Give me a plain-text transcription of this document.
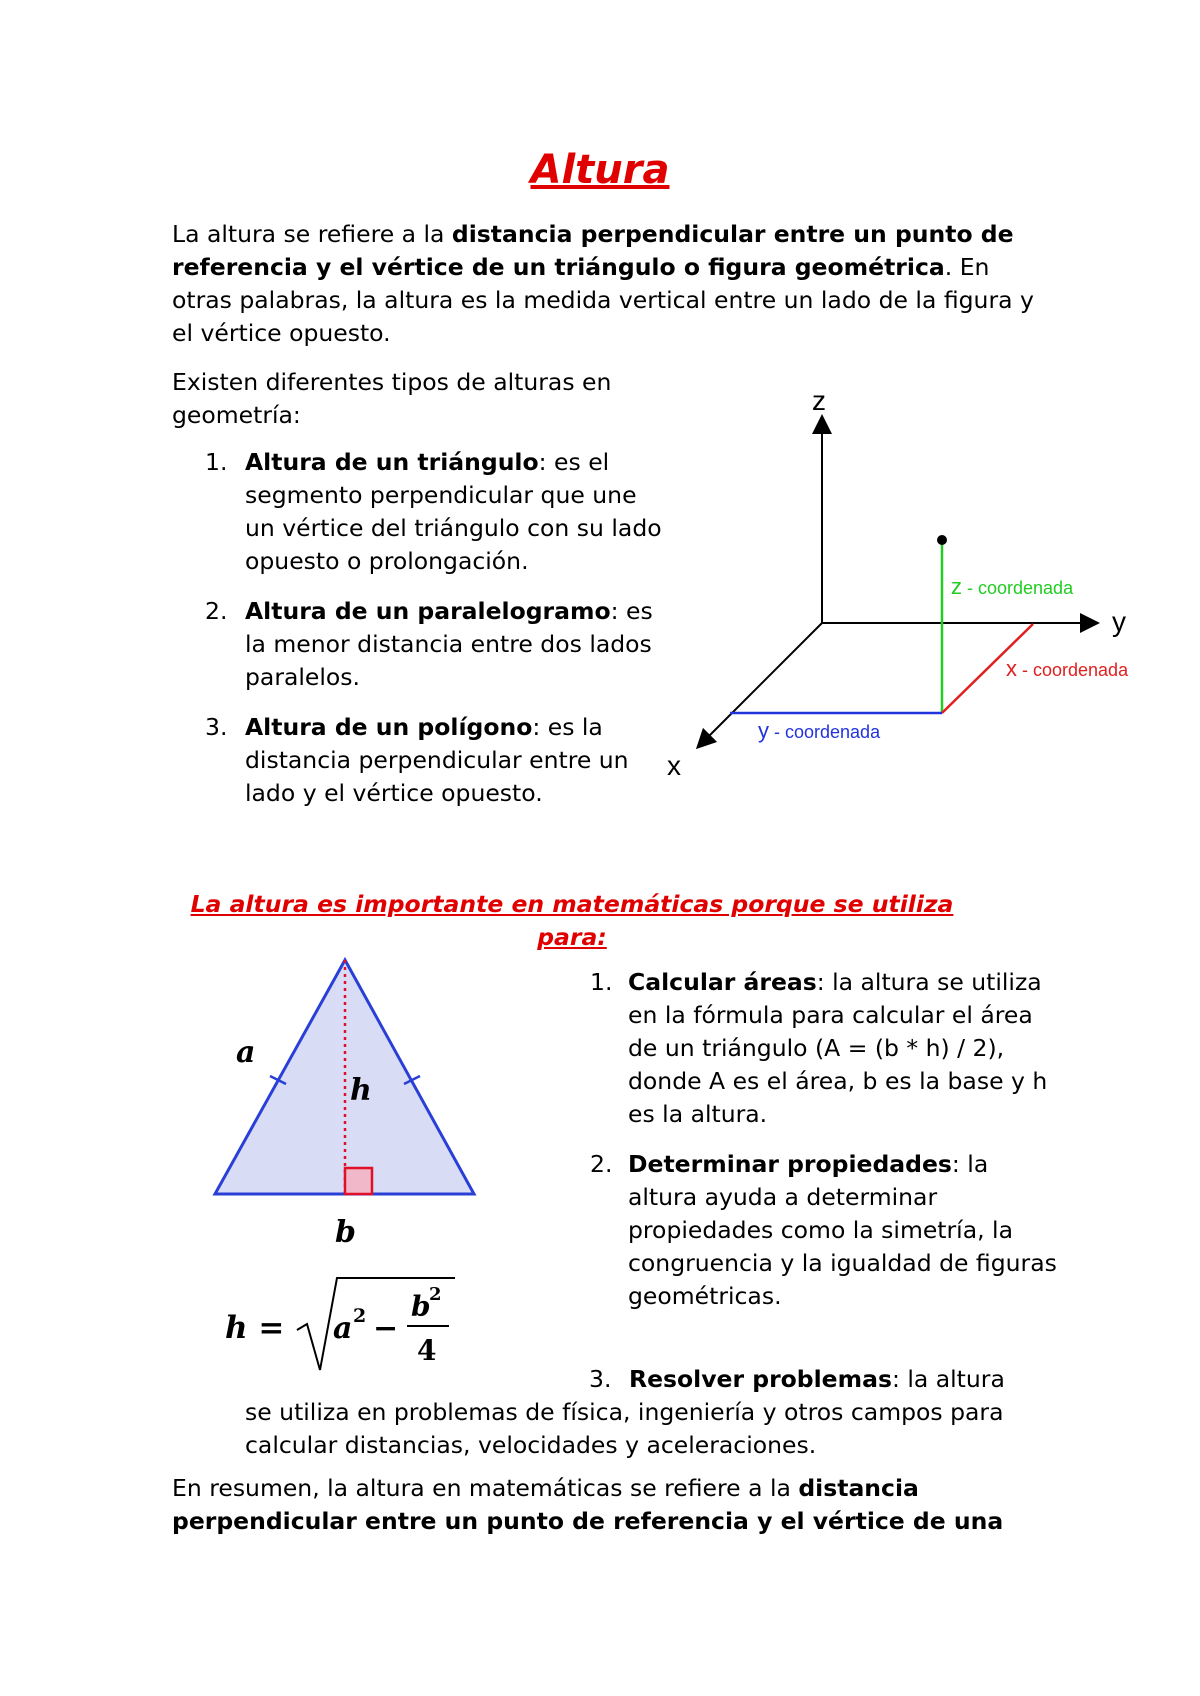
Altura

La altura se refiere a la distancia perpendicular entre un punto de referencia y el vértice de un triángulo o figura geométrica. En otras palabras, la altura es la medida vertical entre un lado de la figura y el vértice opuesto.

Existen diferentes tipos de alturas en geometría:
1. Altura de un triángulo: es el segmento perpendicular que une un vértice del triángulo con su lado opuesto o prolongación.
2. Altura de un paralelogramo: es la menor distancia entre dos lados paralelos.
3. Altura de un polígono: es la distancia perpendicular entre un lado y el vértice opuesto.
z
y
x
z - coordenada
x - coordenada
y - coordenada
La altura es importante en matemáticas porque se utiliza para:
a
h
b
h = a 2 −
b
2
4
1. Calcular áreas: la altura se utiliza en la fórmula para calcular el área de un triángulo (A = (b * h) / 2), donde A es el área, b es la base y h es la altura.
2. Determinar propiedades: la altura ayuda a determinar propiedades como la simetría, la congruencia y la igualdad de figuras geométricas.
3. Resolver problemas: la altura
se utiliza en problemas de física, ingeniería y otros campos para calcular distancias, velocidades y aceleraciones.
En resumen, la altura en matemáticas se refiere a la distancia perpendicular entre un punto de referencia y el vértice de una
